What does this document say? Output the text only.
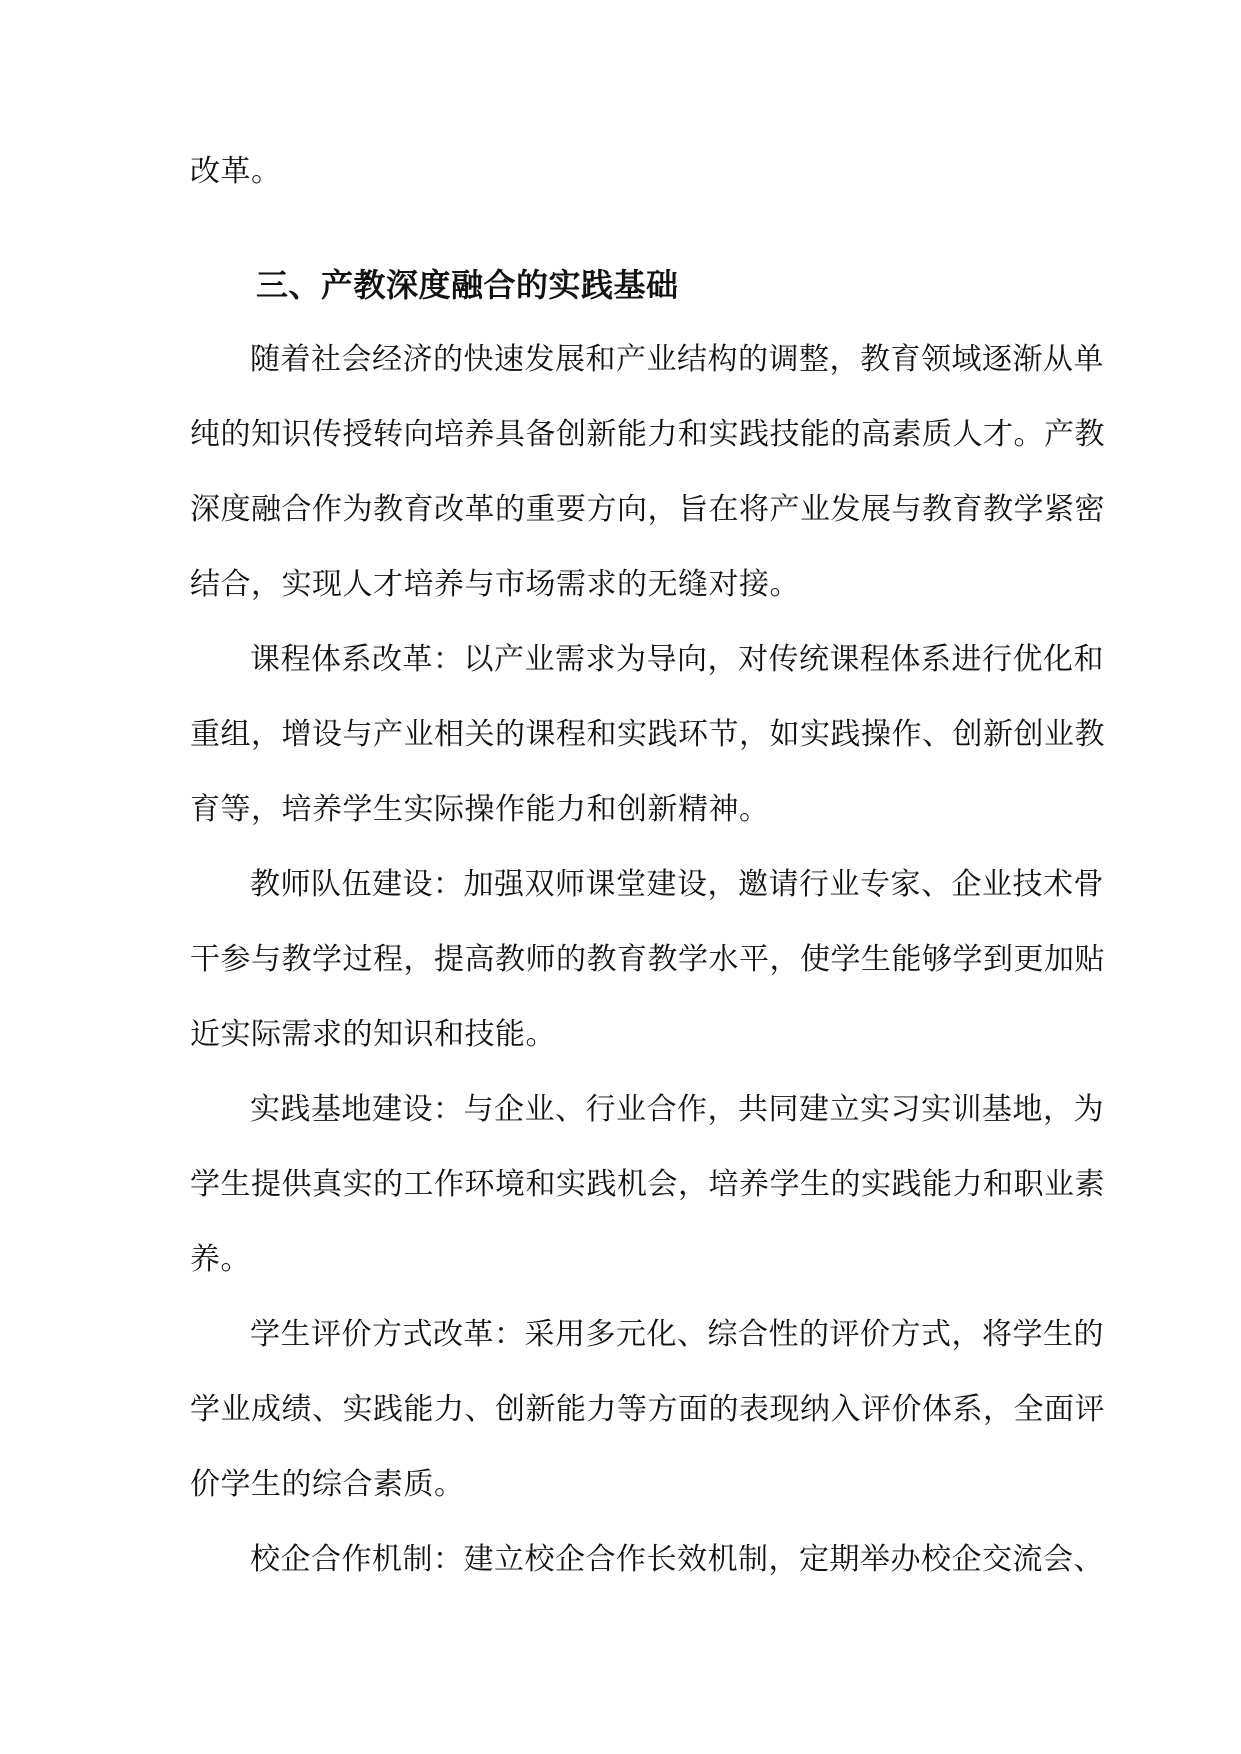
改革。
三、产教深度融合的实践基础
随着社会经济的快速发展和产业结构的调整，教育领域逐渐从单
纯的知识传授转向培养具备创新能力和实践技能的高素质人才。产教
深度融合作为教育改革的重要方向，旨在将产业发展与教育教学紧密
结合，实现人才培养与市场需求的无缝对接。
课程体系改革：以产业需求为导向，对传统课程体系进行优化和
重组，增设与产业相关的课程和实践环节，如实践操作、创新创业教
育等，培养学生实际操作能力和创新精神。
教师队伍建设：加强双师课堂建设，邀请行业专家、企业技术骨
干参与教学过程，提高教师的教育教学水平，使学生能够学到更加贴
近实际需求的知识和技能。
实践基地建设：与企业、行业合作，共同建立实习实训基地，为
学生提供真实的工作环境和实践机会，培养学生的实践能力和职业素
养。
学生评价方式改革：采用多元化、综合性的评价方式，将学生的
学业成绩、实践能力、创新能力等方面的表现纳入评价体系，全面评
价学生的综合素质。
校企合作机制：建立校企合作长效机制，定期举办校企交流会、
